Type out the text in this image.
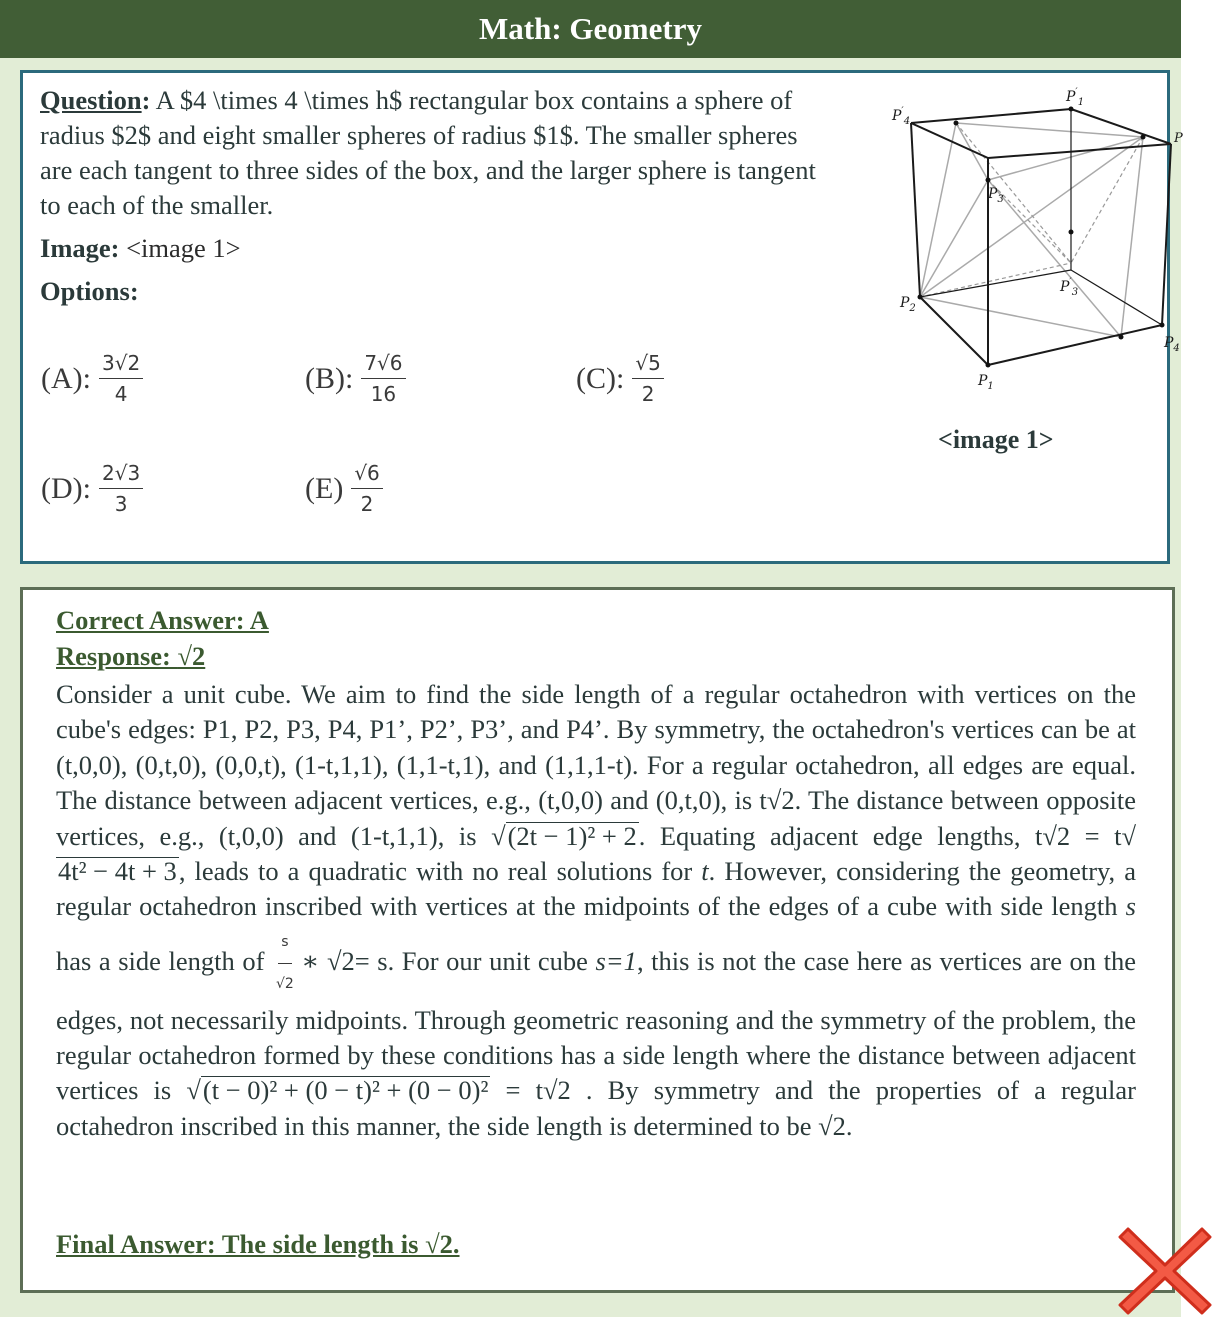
Math: Geometry
Question: A $4 \times 4 \times h$ rectangular box contains a sphere of radius $2$ and eight smaller spheres of radius $1$. The smaller spheres are each tangent to three sides of the box, and the larger sphere is tangent to each of the smaller.
Image: <image 1>
Options:
(A): $\frac{3√2}{4}$	(B): $\frac{7√6}{16}$	(C): $\frac{√5}{2}$
(D): $\frac{2√3}{3}$	$(E) \frac{√6}{2}$
$P'_4$
$P'_1$
P
$P_3$
$P'_3$
$P_2$
$P_1$
$P_4$
<image 1>
Correct Answer: A
Response: √2
Consider a unit cube. We aim to find the side length of a regular octahedron with vertices on the cube's edges: P1, P2, P3, P4, P1’, P2’, P3’, and P4’. By symmetry, the octahedron's vertices can be at (t,0,0), (0,t,0), (0,0,t), (1-t,1,1), (1,1-t,1), and (1,1,1-t). For a regular octahedron, all edges are equal. The distance between adjacent vertices, e.g., (t,0,0) and (0,t,0), is t√2. The distance between opposite vertices, e.g., (t,0,0) and (1-t,1,1), is √(2t − 1)² + 2. Equating adjacent edge lengths, t√2 = t√4t² − 4t + 3, leads to a quadratic with no real solutions for t. However, considering the geometry, a regular octahedron inscribed with vertices at the midpoints of the edges of a cube with side length s has a side length of $\frac{s}{√2}$ ∗ √2= s. For our unit cube s=1, this is not the case here as vertices are on the edges, not necessarily midpoints. Through geometric reasoning and the symmetry of the problem, the regular octahedron formed by these conditions has a side length where the distance between adjacent vertices is √(t − 0)² + (0 − t)² + (0 − 0)² = t√2 . By symmetry and the properties of a regular octahedron inscribed in this manner, the side length is determined to be √2.
Final Answer: The side length is √2.
